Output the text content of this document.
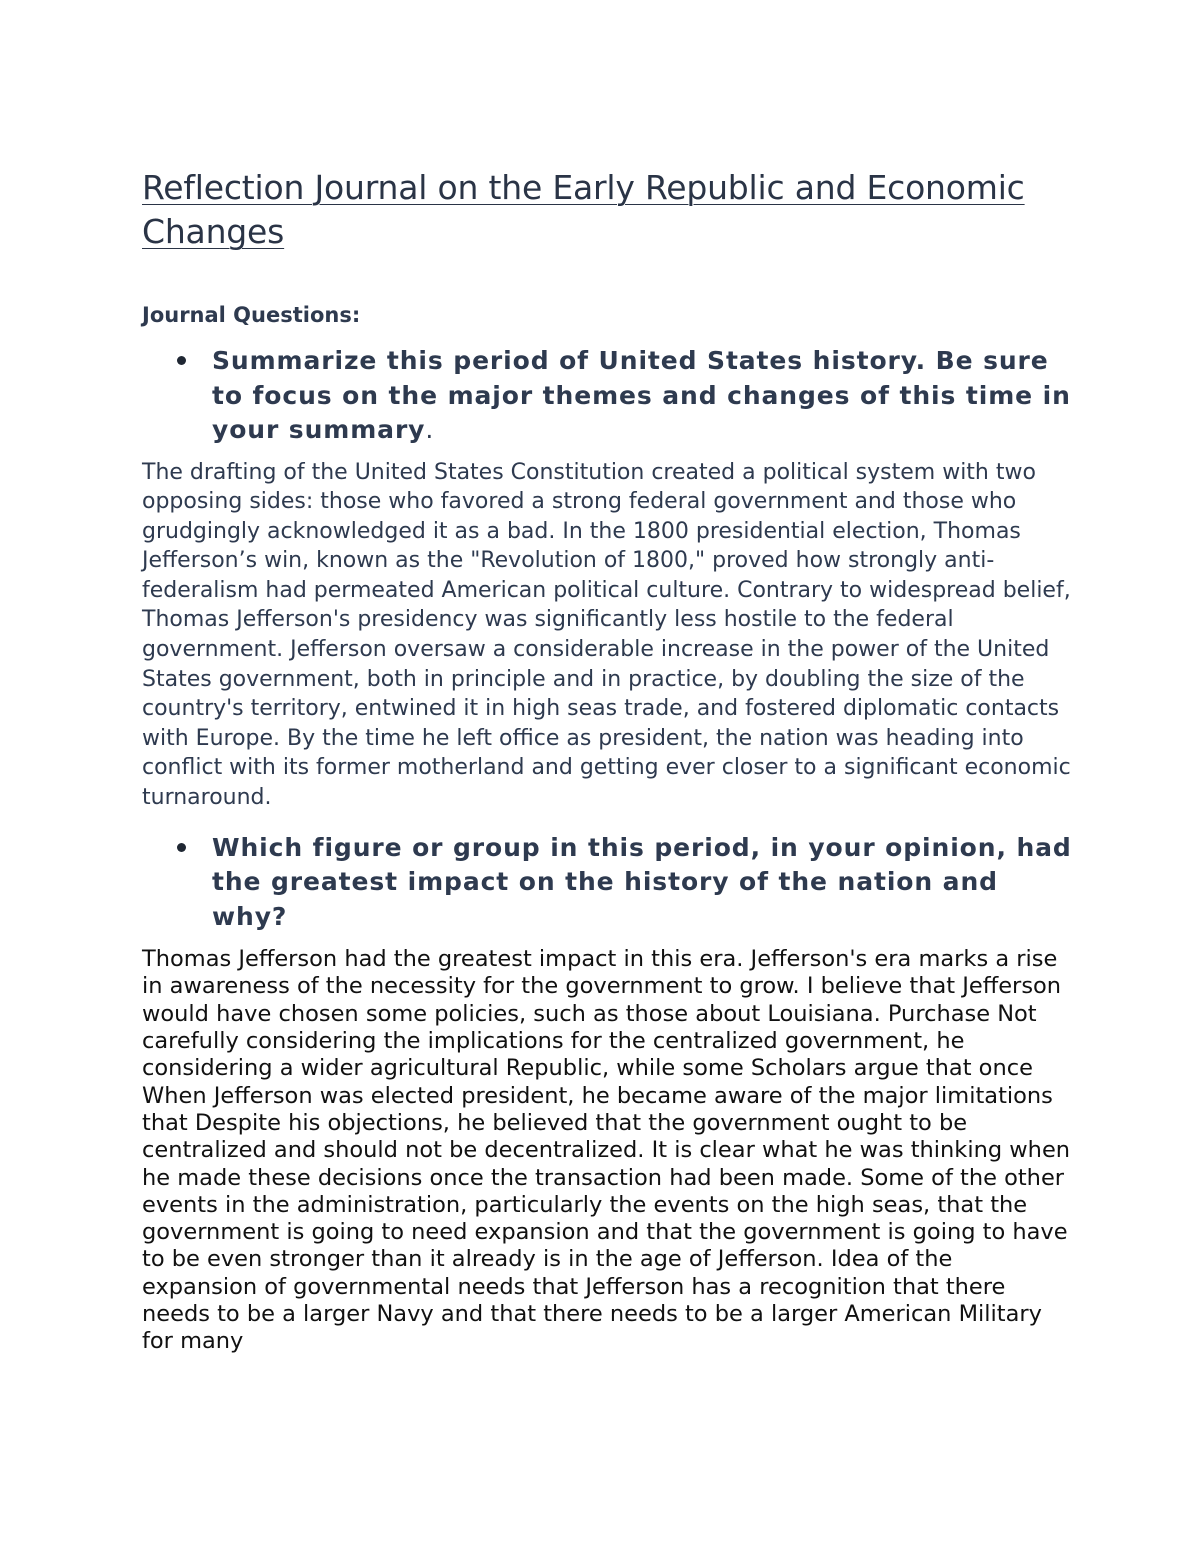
Reflection Journal on the Early Republic and Economic Changes
Journal Questions:
Summarize this period of United States history. Be sure to focus on the major themes and changes of this time in your summary.

The drafting of the United States Constitution created a political system with two opposing sides: those who favored a strong federal government and those who grudgingly acknowledged it as a bad. In the 1800 presidential election, Thomas Jefferson’s win, known as the "Revolution of 1800," proved how strongly anti-federalism had permeated American political culture. Contrary to widespread belief, Thomas Jefferson's presidency was significantly less hostile to the federal government. Jefferson oversaw a considerable increase in the power of the United States government, both in principle and in practice, by doubling the size of the country's territory, entwined it in high seas trade, and fostered diplomatic contacts with Europe. By the time he left office as president, the nation was heading into conflict with its former motherland and getting ever closer to a significant economic turnaround.

Which figure or group in this period, in your opinion, had the greatest impact on the history of the nation and why?

Thomas Jefferson had the greatest impact in this era. Jefferson's era marks a rise in awareness of the necessity for the government to grow. I believe that Jefferson would have chosen some policies, such as those about Louisiana. Purchase Not carefully considering the implications for the centralized government, he considering a wider agricultural Republic, while some Scholars argue that once When Jefferson was elected president, he became aware of the major limitations that Despite his objections, he believed that the government ought to be centralized and should not be decentralized. It is clear what he was thinking when he made these decisions once the transaction had been made. Some of the other events in the administration, particularly the events on the high seas, that the government is going to need expansion and that the government is going to have to be even stronger than it already is in the age of Jefferson. Idea of the expansion of governmental needs that Jefferson has a recognition that there needs to be a larger Navy and that there needs to be a larger American Military for many
